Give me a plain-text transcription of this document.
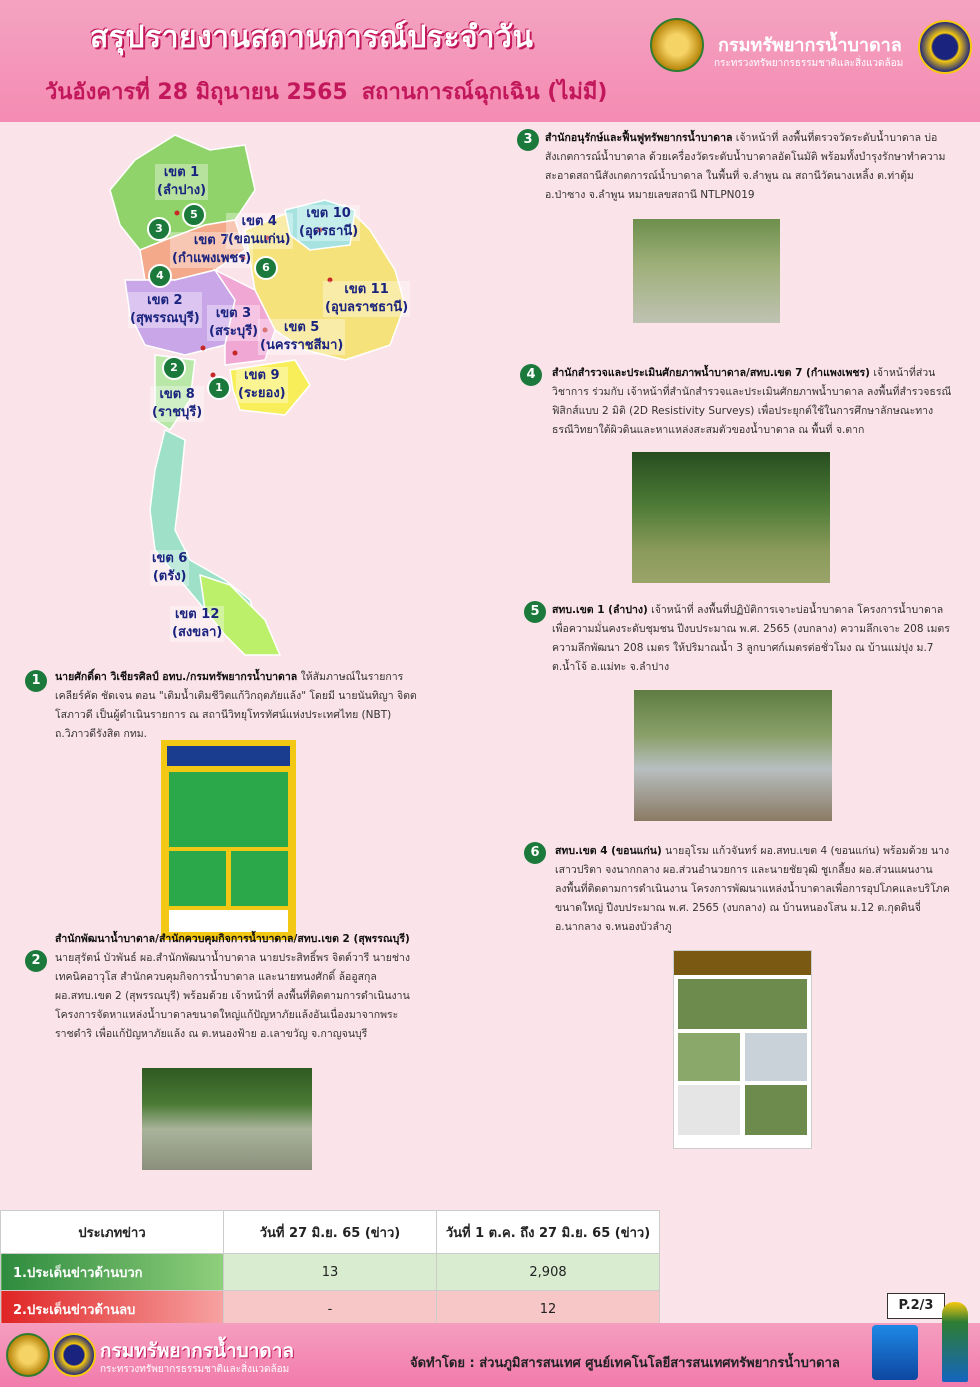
สรุปรายงานสถานการณ์ประจำวัน
วันอังคารที่ 28 มิถุนายน 2565 สถานการณ์ฉุกเฉิน (ไม่มี)
กรมทรัพยากรน้ำบาดาล
กระทรวงทรัพยากรธรรมชาติและสิ่งแวดล้อม
เขต 1
(ลำปาง)
เขต 7
(กำแพงเพชร)
เขต 4
(ขอนแก่น)
เขต 10
(อุดรธานี)
เขต 2
(สุพรรณบุรี)	เขต 3
(สระบุรี)	เขต 5
(นครราชสีมา)
เขต 11
(อุบลราชธานี)
เขต 8
(ราชบุรี)
เขต 9
(ระยอง)
เขต 6
(ตรัง)
เขต 12
(สงขลา)
1
2
3
4
5
6
1	นายศักดิ์ดา วิเชียรศิลป์ อทบ./กรมทรัพยากรน้ำบาดาล ให้สัมภาษณ์ในรายการเคลียร์คัด ชัดเจน ตอน "เติมน้ำเติมชีวิตแก้วิกฤตภัยแล้ง" โดยมี นายนันทิญา จิตตโสภาวดี เป็นผู้ดำเนินรายการ ณ สถานีวิทยุโทรทัศน์แห่งประเทศไทย (NBT) ถ.วิภาวดีรังสิต กทม.
2
สำนักพัฒนาน้ำบาดาล/สำนักควบคุมกิจการน้ำบาดาล/สทบ.เขต 2 (สุพรรณบุรี)
นายสุรัตน์ บัวพันธ์ ผอ.สำนักพัฒนาน้ำบาดาล นายประสิทธิ์พร จิตต์วารี นายช่างเทคนิคอาวุโส สำนักควบคุมกิจการน้ำบาดาล และนายทนงศักดิ์ ล้ออูสกุล ผอ.สทบ.เขต 2 (สุพรรณบุรี) พร้อมด้วย เจ้าหน้าที่ ลงพื้นที่ติดตามการดำเนินงานโครงการจัดหาแหล่งน้ำบาดาลขนาดใหญ่แก้ปัญหาภัยแล้งอันเนื่องมาจากพระราชดำริ เพื่อแก้ปัญหาภัยแล้ง ณ ต.หนองฟ้าย อ.เลาขวัญ จ.กาญจนบุรี
3	สำนักอนุรักษ์และฟื้นฟูทรัพยากรน้ำบาดาล เจ้าหน้าที่ ลงพื้นที่ตรวจวัดระดับน้ำบาดาล บ่อสังเกตการณ์น้ำบาดาล ด้วยเครื่องวัดระดับน้ำบาดาลอัตโนมัติ พร้อมทั้งบำรุงรักษาทำความสะอาดสถานีสังเกตการณ์น้ำบาดาล ในพื้นที่ จ.ลำพูน ณ สถานีวัดนางเหลิ้ง ต.ท่าตุ้ม อ.ป่าซาง จ.ลำพูน หมายเลขสถานี NTLPN019
4	สำนักสำรวจและประเมินศักยภาพน้ำบาดาล/สทบ.เขต 7 (กำแพงเพชร) เจ้าหน้าที่ส่วนวิชาการ ร่วมกับ เจ้าหน้าที่สำนักสำรวจและประเมินศักยภาพน้ำบาดาล ลงพื้นที่สำรวจธรณีฟิสิกส์แบบ 2 มิติ (2D Resistivity Surveys) เพื่อประยุกต์ใช้ในการศึกษาลักษณะทางธรณีวิทยาใต้ผิวดินและหาแหล่งสะสมตัวของน้ำบาดาล ณ พื้นที่ จ.ตาก
5	สทบ.เขต 1 (ลำปาง) เจ้าหน้าที่ ลงพื้นที่ปฏิบัติการเจาะบ่อน้ำบาดาล โครงการน้ำบาดาลเพื่อความมั่นคงระดับชุมชน ปีงบประมาณ พ.ศ. 2565 (งบกลาง) ความลึกเจาะ 208 เมตร ความลึกพัฒนา 208 เมตร ให้ปริมาณน้ำ 3 ลูกบาศก์เมตรต่อชั่วโมง ณ บ้านแม่ปุง ม.7 ต.น้ำโจ้ อ.แม่ทะ จ.ลำปาง
6	สทบ.เขต 4 (ขอนแก่น) นายอุโรม แก้วจันทร์ ผอ.สทบ.เขต 4 (ขอนแก่น) พร้อมด้วย นางเสาวปริตา จงนากกลาง ผอ.ส่วนอำนวยการ และนายชัยวุฒิ ชูเกลี้ยง ผอ.ส่วนแผนงาน ลงพื้นที่ติดตามการดำเนินงาน โครงการพัฒนาแหล่งน้ำบาดาลเพื่อการอุปโภคและบริโภคขนาดใหญ่ ปีงบประมาณ พ.ศ. 2565 (งบกลาง) ณ บ้านหนองโสน ม.12 ต.กุดดินจี่ อ.นากลาง จ.หนองบัวลำภู
ประเภทข่าว	วันที่ 27 มิ.ย. 65 (ข่าว)	วันที่ 1 ต.ค. ถึง 27 มิ.ย. 65 (ข่าว)
1.ประเด็นข่าวด้านบวก	13	2,908
2.ประเด็นข่าวด้านลบ	-	12	P.2/3
กรมทรัพยากรน้ำบาดาล
กระทรวงทรัพยากรธรรมชาติและสิ่งแวดล้อม	จัดทำโดย : ส่วนภูมิสารสนเทศ ศูนย์เทคโนโลยีสารสนเทศทรัพยากรน้ำบาดาล
